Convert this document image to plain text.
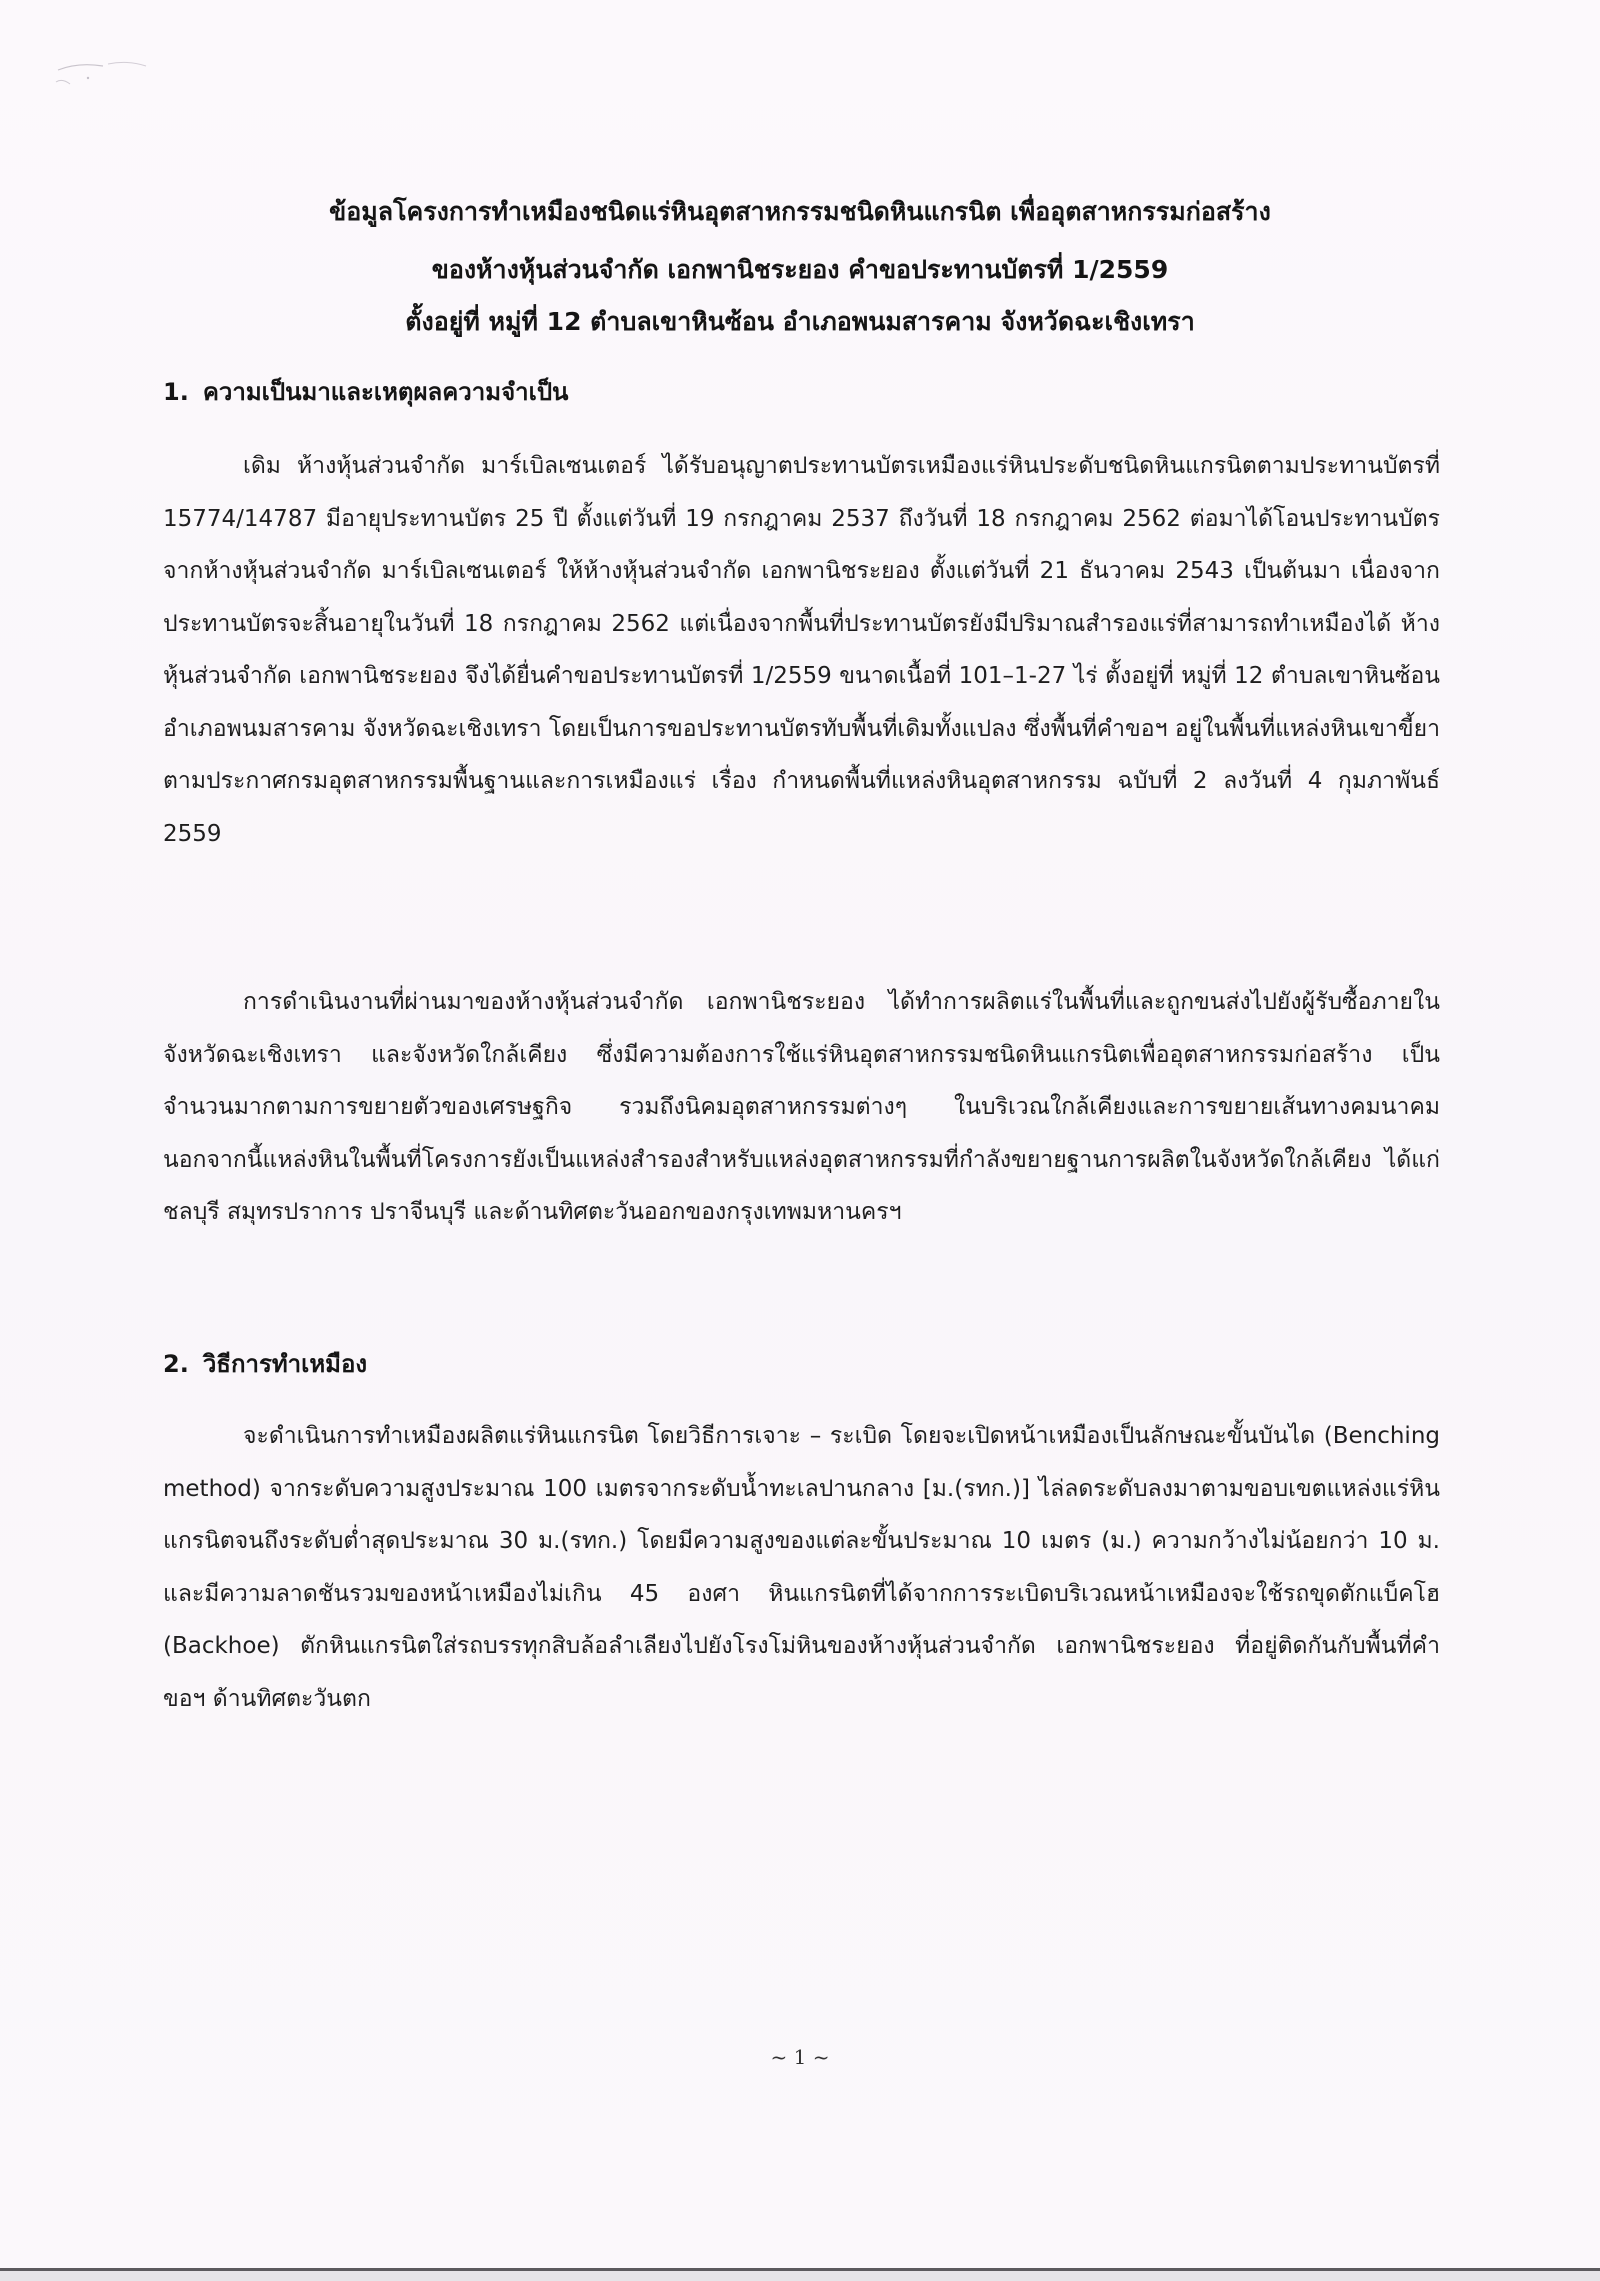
ข้อมูลโครงการทำเหมืองชนิดแร่หินอุตสาหกรรมชนิดหินแกรนิต เพื่ออุตสาหกรรมก่อสร้าง
ของห้างหุ้นส่วนจำกัด เอกพานิชระยอง คำขอประทานบัตรที่ 1/2559
ตั้งอยู่ที่ หมู่ที่ 12 ตำบลเขาหินซ้อน อำเภอพนมสารคาม จังหวัดฉะเชิงเทรา
1. ความเป็นมาและเหตุผลความจำเป็น

เดิม ห้างหุ้นส่วนจำกัด มาร์เบิลเซนเตอร์ ได้รับอนุญาตประทานบัตรเหมืองแร่หินประดับชนิดหินแกรนิตตามประทานบัตรที่ 15774/14787 มีอายุประทานบัตร 25 ปี ตั้งแต่วันที่ 19 กรกฎาคม 2537 ถึงวันที่ 18 กรกฎาคม 2562 ต่อมาได้โอนประทานบัตรจากห้างหุ้นส่วนจำกัด มาร์เบิลเซนเตอร์ ให้ห้างหุ้นส่วนจำกัด เอกพานิชระยอง ตั้งแต่วันที่ 21 ธันวาคม 2543 เป็นต้นมา เนื่องจากประทานบัตรจะสิ้นอายุในวันที่ 18 กรกฎาคม 2562 แต่เนื่องจากพื้นที่ประทานบัตรยังมีปริมาณสำรองแร่ที่สามารถทำเหมืองได้ ห้างหุ้นส่วนจำกัด เอกพานิชระยอง จึงได้ยื่นคำขอประทานบัตรที่ 1/2559 ขนาดเนื้อที่ 101–1-27 ไร่ ตั้งอยู่ที่ หมู่ที่ 12 ตำบลเขาหินซ้อน อำเภอพนมสารคาม จังหวัดฉะเชิงเทรา โดยเป็นการขอประทานบัตรทับพื้นที่เดิมทั้งแปลง ซึ่งพื้นที่คำขอฯ อยู่ในพื้นที่แหล่งหินเขาขี้ยา ตามประกาศกรมอุตสาหกรรมพื้นฐานและการเหมืองแร่ เรื่อง กำหนดพื้นที่แหล่งหินอุตสาหกรรม ฉบับที่ 2 ลงวันที่ 4 กุมภาพันธ์ 2559

การดำเนินงานที่ผ่านมาของห้างหุ้นส่วนจำกัด เอกพานิชระยอง ได้ทำการผลิตแร่ในพื้นที่และถูกขนส่งไปยังผู้รับซื้อภายในจังหวัดฉะเชิงเทรา และจังหวัดใกล้เคียง ซึ่งมีความต้องการใช้แร่หินอุตสาหกรรมชนิดหินแกรนิตเพื่ออุตสาหกรรมก่อสร้าง เป็นจำนวนมากตามการขยายตัวของเศรษฐกิจ รวมถึงนิคมอุตสาหกรรมต่างๆ ในบริเวณใกล้เคียงและการขยายเส้นทางคมนาคม นอกจากนี้แหล่งหินในพื้นที่โครงการยังเป็นแหล่งสำรองสำหรับแหล่งอุตสาหกรรมที่กำลังขยายฐานการผลิตในจังหวัดใกล้เคียง ได้แก่ ชลบุรี สมุทรปราการ ปราจีนบุรี และด้านทิศตะวันออกของกรุงเทพมหานครฯ

2. วิธีการทำเหมือง

จะดำเนินการทำเหมืองผลิตแร่หินแกรนิต โดยวิธีการเจาะ – ระเบิด โดยจะเปิดหน้าเหมืองเป็นลักษณะขั้นบันได (Benching method) จากระดับความสูงประมาณ 100 เมตรจากระดับน้ำทะเลปานกลาง [ม.(รทก.)] ไล่ลดระดับลงมาตามขอบเขตแหล่งแร่หินแกรนิตจนถึงระดับต่ำสุดประมาณ 30 ม.(รทก.) โดยมีความสูงของแต่ละขั้นประมาณ 10 เมตร (ม.) ความกว้างไม่น้อยกว่า 10 ม. และมีความลาดชันรวมของหน้าเหมืองไม่เกิน 45 องศา หินแกรนิตที่ได้จากการระเบิดบริเวณหน้าเหมืองจะใช้รถขุดตักแบ็คโฮ (Backhoe) ตักหินแกรนิตใส่รถบรรทุกสิบล้อลำเลียงไปยังโรงโม่หินของห้างหุ้นส่วนจำกัด เอกพานิชระยอง ที่อยู่ติดกันกับพื้นที่คำขอฯ ด้านทิศตะวันตก

~ 1 ~
